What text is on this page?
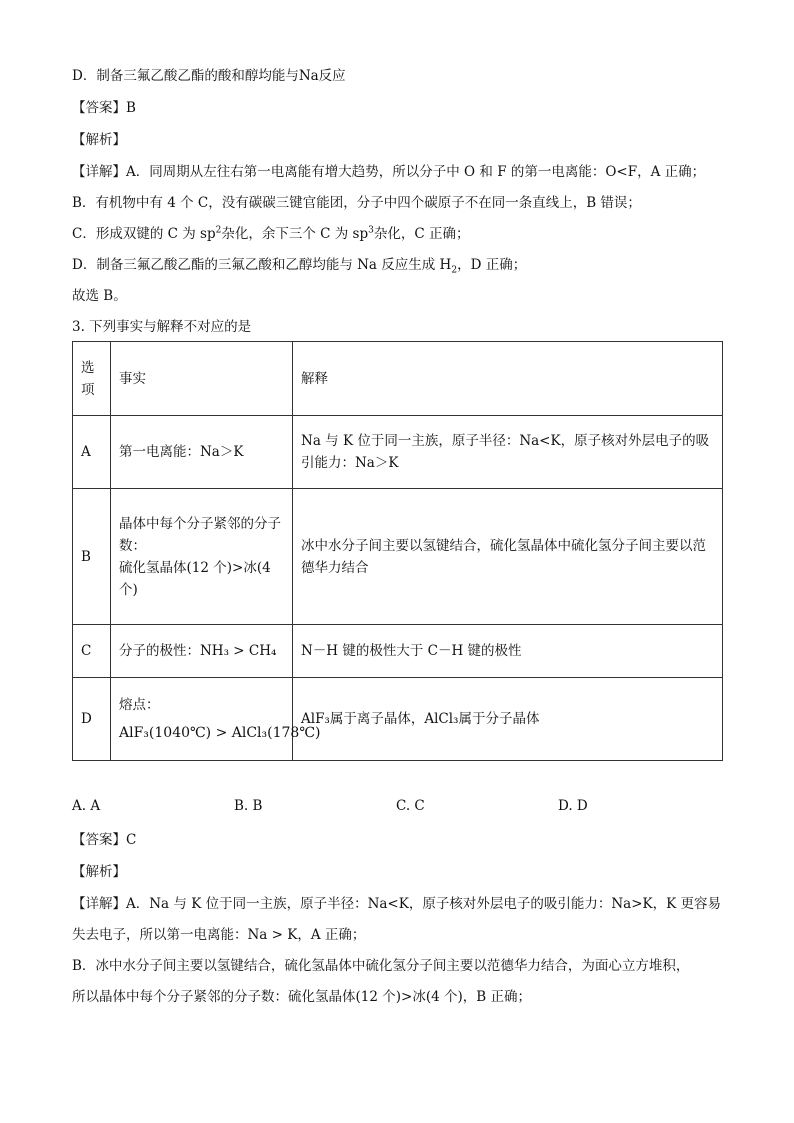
D．制备三氟乙酸乙酯的酸和醇均能与Na反应
【答案】B
【解析】
【详解】A．同周期从左往右第一电离能有增大趋势，所以分子中 O 和 F 的第一电离能：O<F，A 正确；
B．有机物中有 4 个 C，没有碳碳三键官能团，分子中四个碳原子不在同一条直线上，B 错误；
C．形成双键的 C 为 $sp^2$杂化，余下三个 C 为 $sp^3$杂化，C 正确；
D．制备三氟乙酸乙酯的三氟乙酸和乙醇均能与 Na 反应生成 $H_2$，D 正确；
故选 B。
3. 下列事实与解释不对应的是
选项	事实	解释
A	第一电离能：Na＞K	Na 与 K 位于同一主族，原子半径：Na<K，原子核对外层电子的吸引能力：Na＞K
B	晶体中每个分子紧邻的分子数：
硫化氢晶体(12 个)>冰(4 个)	冰中水分子间主要以氢键结合，硫化氢晶体中硫化氢分子间主要以范德华力结合
C	分子的极性：NH₃ > CH₄	N－H 键的极性大于 C－H 键的极性
D	熔点：
AlF₃(1040℃) > AlCl₃(178℃)	AlF₃属于离子晶体，AlCl₃属于分子晶体
A. A	B. B	C. C	D. D
【答案】C
【解析】
【详解】A．Na 与 K 位于同一主族，原子半径：Na<K，原子核对外层电子的吸引能力：Na>K，K 更容易
失去电子，所以第一电离能：Na > K，A 正确；
B．冰中水分子间主要以氢键结合，硫化氢晶体中硫化氢分子间主要以范德华力结合，为面心立方堆积，
所以晶体中每个分子紧邻的分子数：硫化氢晶体(12 个)>冰(4 个)，B 正确；
